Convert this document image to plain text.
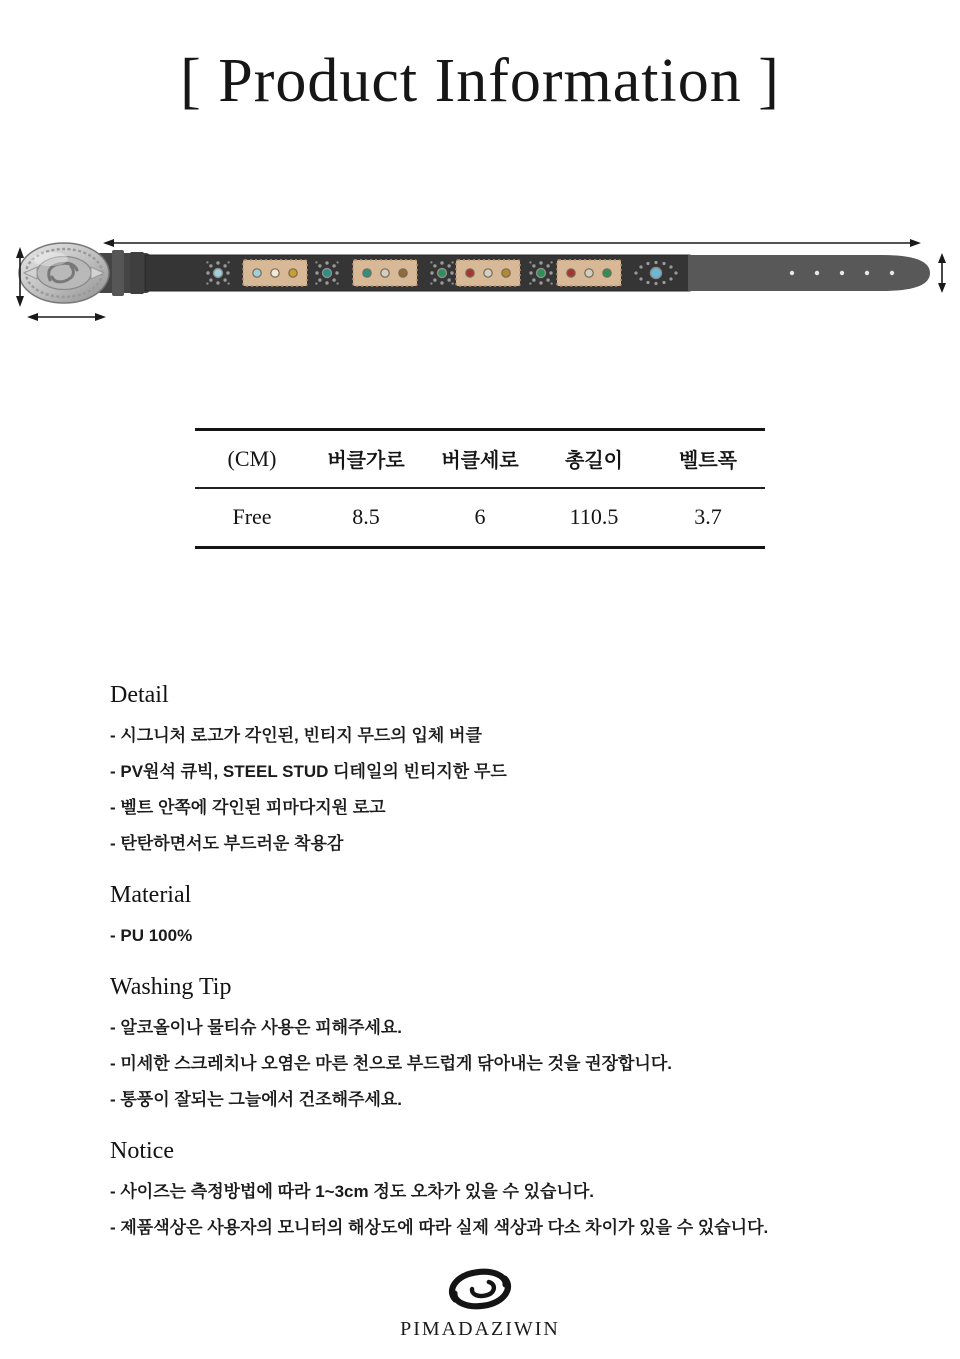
[ Product Information ]
(CM)	버클가로	버클세로	총길이	벨트폭
Free	8.5	6	110.5	3.7
Detail
- 시그니처 로고가 각인된, 빈티지 무드의 입체 버클
- PV원석 큐빅, STEEL STUD 디테일의 빈티지한 무드
- 벨트 안쪽에 각인된 피마다지원 로고
- 탄탄하면서도 부드러운 착용감
Material
- PU 100%
Washing Tip
- 알코올이나 물티슈 사용은 피해주세요.
- 미세한 스크레치나 오염은 마른 천으로 부드럽게 닦아내는 것을 권장합니다.
- 통풍이 잘되는 그늘에서 건조해주세요.
Notice
- 사이즈는 측정방법에 따라 1~3cm 정도 오차가 있을 수 있습니다.
- 제품색상은 사용자의 모니터의 해상도에 따라 실제 색상과 다소 차이가 있을 수 있습니다.
PIMADAZIWIN
